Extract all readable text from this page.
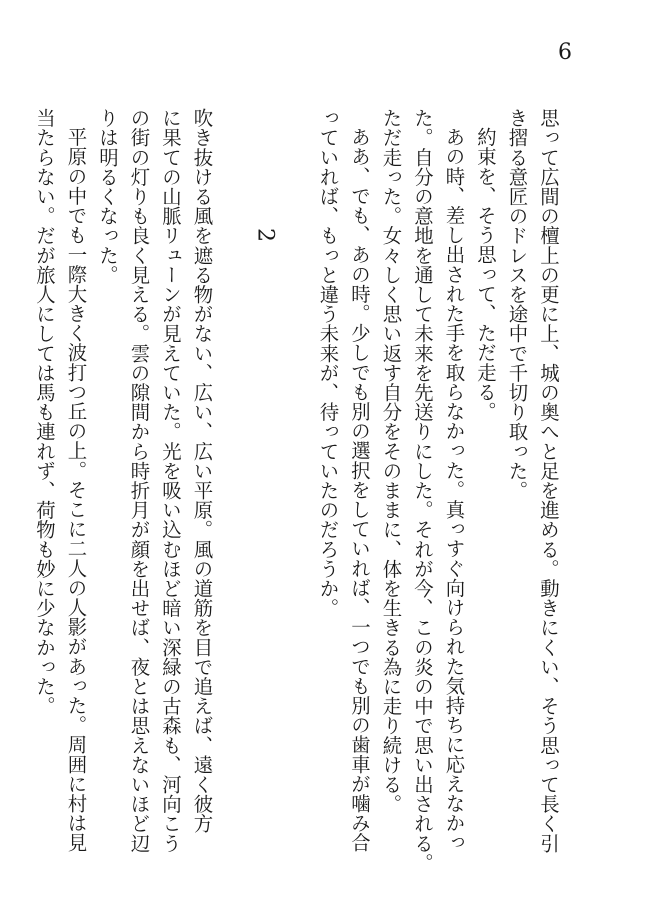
6
思って広間の檀上の更に上、城の奥へと足を進める。動きにくい、そう思って長く引
き摺る意匠のドレスを途中で千切り取った。
約束を、そう思って、ただ走る。
あの時、差し出された手を取らなかった。真っすぐ向けられた気持ちに応えなかっ
た。自分の意地を通して未来を先送りにした。それが今、この炎の中で思い出される。
ただ走った。女々しく思い返す自分をそのままに、体を生きる為に走り続ける。
ああ、でも、あの時。少しでも別の選択をしていれば、一つでも別の歯車が噛み合
っていれば、もっと違う未来が、待っていたのだろうか。
2
吹き抜ける風を遮る物がない、広い、広い平原。風の道筋を目で追えば、遠く彼方
に果ての山脈リューンが見えていた。光を吸い込むほど暗い深緑の古森も、河向こう
の街の灯りも良く見える。雲の隙間から時折月が顔を出せば、夜とは思えないほど辺
りは明るくなった。
平原の中でも一際大きく波打つ丘の上。そこに二人の人影があった。周囲に村は見
当たらない。だが旅人にしては馬も連れず、荷物も妙に少なかった。
